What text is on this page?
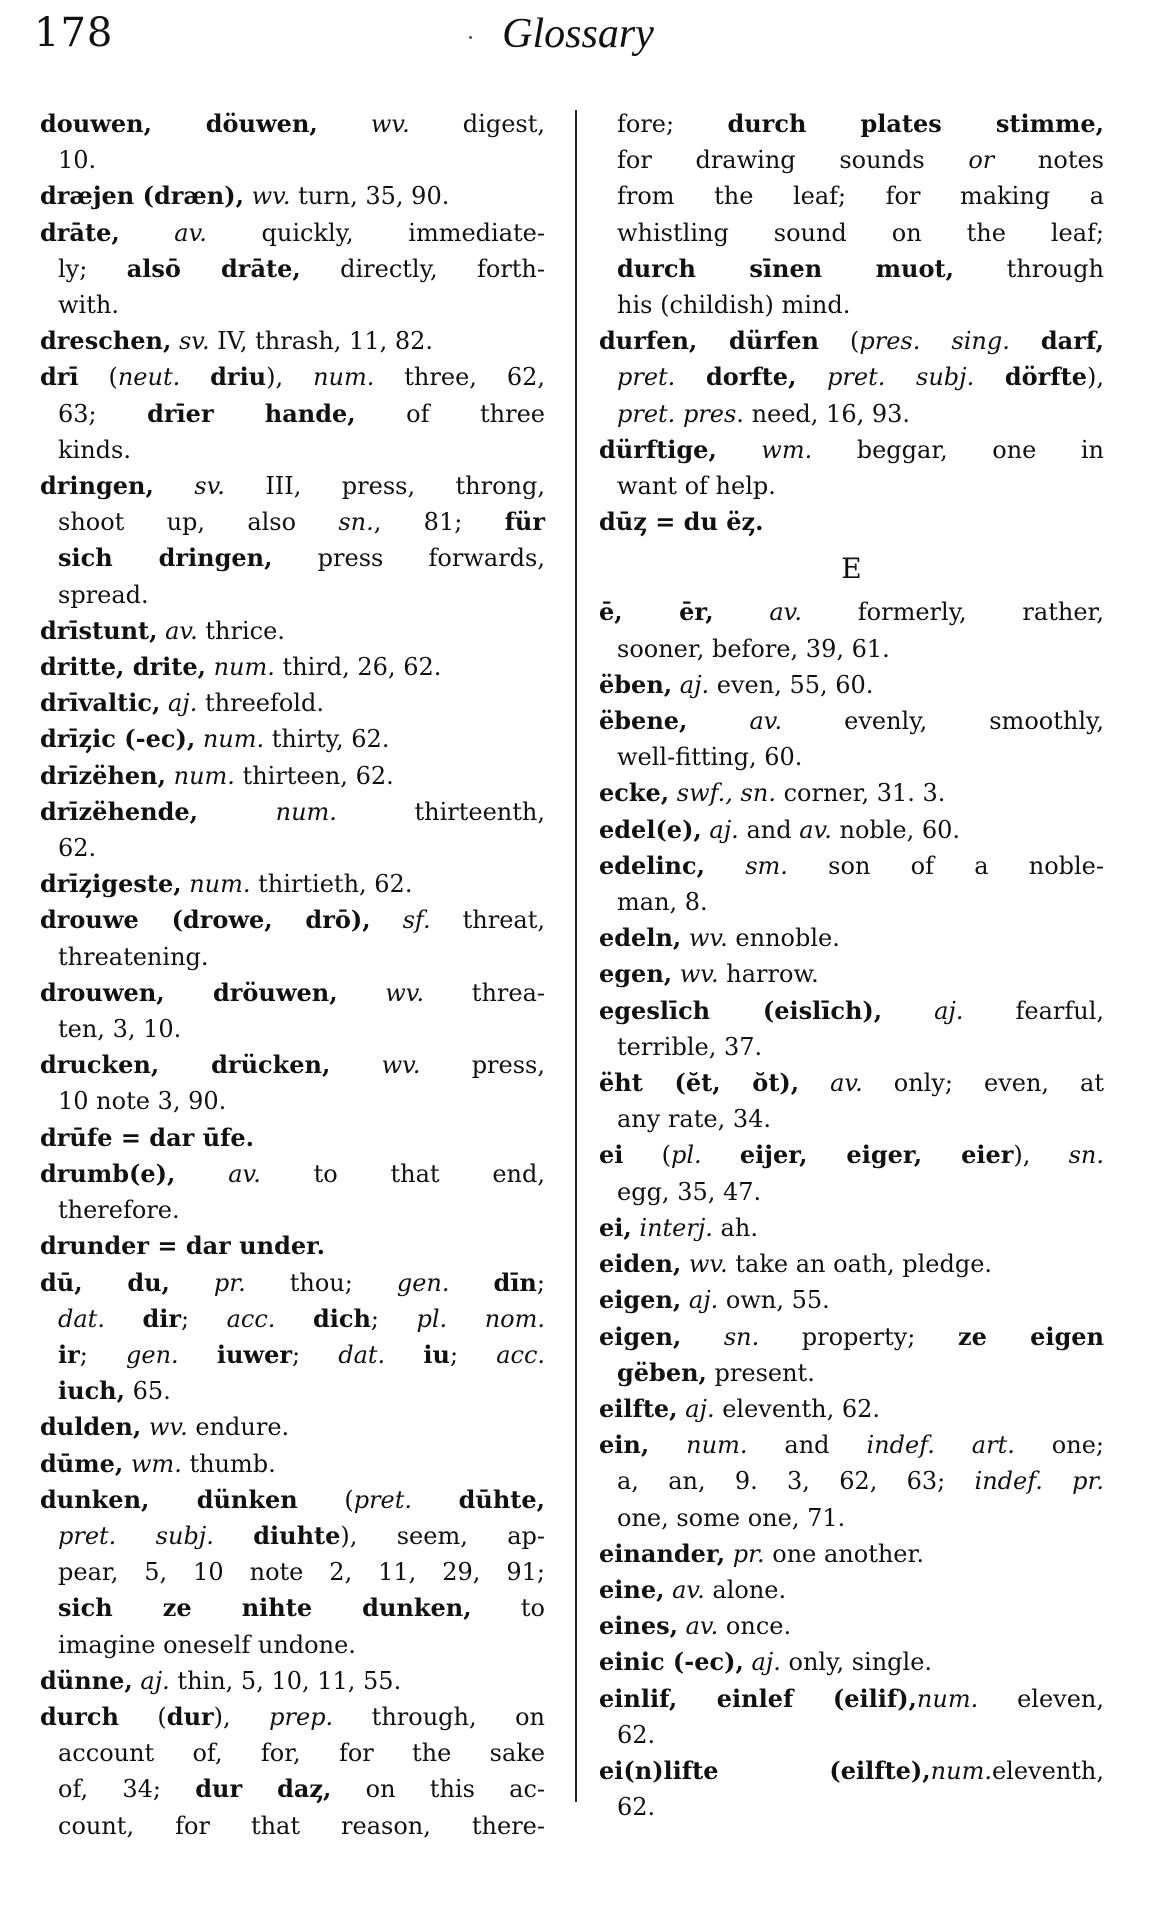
178	Glossary
douwen, döuwen, wv. digest,
10.
dræjen (dræn), wv. turn, 35, 90.
drāte, av. quickly, immediate-
ly; alsō drāte, directly, forth-
with.
dreschen, sv. IV, thrash, 11, 82.
drī (neut. driu), num. three, 62,
63; drīer hande, of three
kinds.
dringen, sv. III, press, throng,
shoot up, also sn., 81; für
sich dringen, press forwards,
spread.
drīstunt, av. thrice.
dritte, drite, num. third, 26, 62.
drīvaltic, aj. threefold.
drīȥic (-ec), num. thirty, 62.
drīzëhen, num. thirteen, 62.
drīzëhende,	num. thirteenth,
62.
drīȥigeste, num. thirtieth, 62.
drouwe (drowe, drō), sf. threat,
threatening.
drouwen, dröuwen, wv. threa-
ten, 3, 10.
drucken, drücken, wv. press,
10 note 3, 90.
drūfe = dar ūfe.
drumb(e), av. to that end,
therefore.
drunder = dar under.
dū, du, pr. thou; gen. dīn;
dat. dir; acc. dich; pl. nom.
ir; gen. iuwer; dat. iu; acc.
iuch, 65.
dulden, wv. endure.
dūme, wm. thumb.
dunken, dünken (pret. dūhte,
pret. subj. diuhte), seem, ap-
pear, 5, 10 note 2, 11, 29, 91;
sich ze nihte dunken, to
imagine oneself undone.
dünne, aj. thin, 5, 10, 11, 55.
durch (dur), prep. through, on
account of, for, for the sake
of, 34; dur daȥ, on this ac-
count, for that reason, there-
fore; durch plates stimme,
for drawing sounds or notes
from the leaf; for making a
whistling sound on the leaf;
durch sīnen muot, through
his (childish) mind.
durfen, dürfen (pres. sing. darf,
pret. dorfte, pret. subj. dörfte),
pret. pres. need, 16, 93.
dürftige, wm. beggar, one in
want of help.
dūȥ = du ëȥ.
E
ē, ēr, av. formerly, rather,
sooner, before, 39, 61.
ëben, aj. even, 55, 60.
ëbene,	av. evenly, smoothly,
well-fitting, 60.
ecke, swf., sn. corner, 31. 3.
edel(e), aj. and av. noble, 60.
edelinc, sm. son of a noble-
man, 8.
edeln, wv. ennoble.
egen, wv. harrow.
egeslīch (eislīch), aj. fearful,
terrible, 37.
ëht (ĕt, ŏt), av. only; even, at
any rate, 34.
ei (pl. eijer, eiger, eier), sn.
egg, 35, 47.
ei, interj. ah.
eiden, wv. take an oath, pledge.
eigen, aj. own, 55.
eigen, sn. property; ze eigen
gëben, present.
eilfte, aj. eleventh, 62.
ein, num. and indef. art. one;
a, an, 9. 3, 62, 63; indef. pr.
one, some one, 71.
einander, pr. one another.
eine, av. alone.
eines, av. once.
einic (-ec), aj. only, single.
einlif, einlef (eilif),num. eleven,
62.
ei(n)lifte (eilfte),num.eleventh,
62.
